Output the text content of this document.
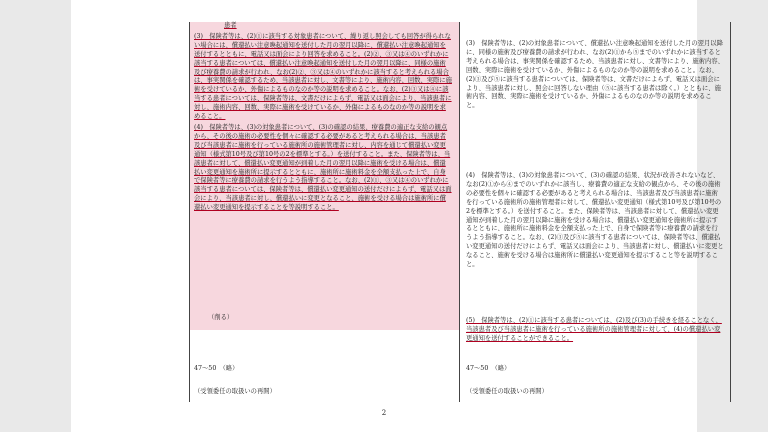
患者

(3)　保険者等は、(2)①に該当する対象患者について、繰り返し照会しても回答が得られない場合には、償還払い注意喚起通知を送付した月の翌月以降に、償還払い注意喚起通知を送付するとともに、電話又は面会により回答を求めること。(2)②、③又は④のいずれかに該当する患者については、償還払い注意喚起通知を送付した月の翌月以降に、同様の施術及び療養費の請求が行われ、なお(2)②、③又は④のいずれかに該当すると考えられる場合は、事実関係を確認するため、当該患者に対し、文書等により、施術内容、回数、実際に施術を受けているか、外傷によるものなのか等の説明を求めること。なお、(2)③又は④に該当する患者については、保険者等は、文書だけによらず、電話又は面会により、当該患者に対し、施術内容、回数、実際に施術を受けているか、外傷によるものなのか等の説明を求めること。

(4)　保険者等は、(3)の対象患者について、(3)の確認の結果、療養費の適正な支給の観点から、その後の施術の必要性を個々に確認する必要があると考えられる場合は、当該患者及び当該患者に施術を行っている施術所の施術管理者に対し、内容を通じて償還払い変更通知（様式第10号及び第10号の2を標準とする。）を送付すること。また、保険者等は、当該患者に対して、償還払い変更通知が到着した月の翌月以降に施術を受ける場合は、償還払い変更通知を施術所に提示するとともに、施術所に施術料金を全額支払った上で、自身で保険者等に療養費の請求を行うよう指導すること。なお、(2)①、③又は④のいずれかに該当する患者については、保険者等は、償還払い変更通知の送付だけによらず、電話又は面会により、当該患者に対し、償還払いに変更となること、施術を受ける場合は施術所に償還払い変更通知を提示することを等説明すること。

（削る）
47～50　（略）
（受領委任の取扱いの再開）

(3)　保険者等は、(2)の対象患者について、償還払い注意喚起通知を送付した月の翌月以降に、同様の施術及び療養費の請求が行われ、なお(2)①から⑤までのいずれかに該当すると考えられる場合は、事実関係を確認するため、当該患者に対し、文書等により、施術内容、回数、実際に施術を受けているか、外傷によるものなのか等の説明を求めること。なお、(2)③及び⑤に該当する患者については、保険者等は、文書だけによらず、電話又は面会により、当該患者に対し、照会に回答しない理由（⑤に該当する患者は除く。）とともに、施術内容、回数、実際に施術を受けているか、外傷によるものなのか等の説明を求めること。

(4)　保険者等は、(3)の対象患者について、(3)の確認の結果、状況が改善されないなど、なお(2)①から④までのいずれかに該当し、療養費の適正な支給の観点から、その後の施術の必要性を個々に確認する必要があると考えられる場合は、当該患者及び当該患者に施術を行っている施術所の施術管理者に対して、償還払い変更通知（様式第10号及び第10号の2を標準とする。）を送付すること。また、保険者等は、当該患者に対して、償還払い変更通知が到着した月の翌月以降に施術を受ける場合は、償還払い変更通知を施術所に提示するとともに、施術所に施術料金を全額支払った上で、自身で保険者等に療養費の請求を行うよう指導すること。なお、(2)③及び⑤に該当する患者については、保険者等は、償還払い変更通知の送付だけによらず、電話又は面会により、当該患者に対し、償還払いに変更となること、施術を受ける場合は施術所に償還払い変更通知を提示すること等を説明すること。
(5)　保険者等は、(2)①に該当する患者については、(2)及び(3)の手続きを経ることなく、当該患者及び当該患者に施術を行っている施術所の施術管理者に対して、(4)の償還払い変更通知を送付することができること。
47～50　（略）
（受領委任の取扱いの再開）
2
